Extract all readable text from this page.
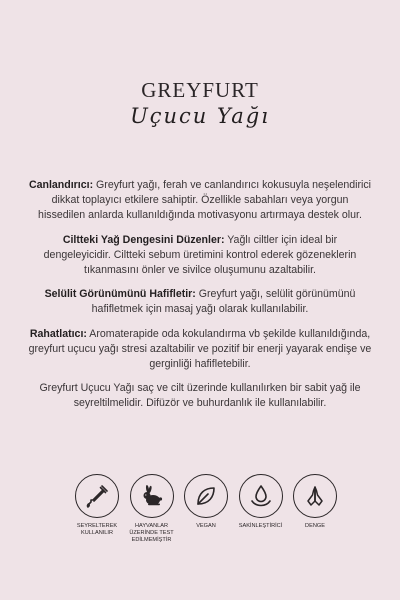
GREYFURT
Uçucu Yağı

Canlandırıcı: Greyfurt yağı, ferah ve canlandırıcı kokusuyla neşelendirici dikkat toplayıcı etkilere sahiptir. Özellikle sabahları veya yorgun hissedilen anlarda kullanıldığında motivasyonu artırmaya destek olur.

Ciltteki Yağ Dengesini Düzenler: Yağlı ciltler için ideal bir dengeleyicidir. Ciltteki sebum üretimini kontrol ederek gözeneklerin tıkanmasını önler ve sivilce oluşumunu azaltabilir.

Selülit Görünümünü Hafifletir: Greyfurt yağı, selülit görünümünü hafifletmek için masaj yağı olarak kullanılabilir.

Rahatlatıcı: Aromaterapide oda kokulandırma vb şekilde kullanıldığında, greyfurt uçucu yağı stresi azaltabilir ve pozitif bir enerji yayarak endişe ve gerginliği hafifletebilir.

Greyfurt Uçucu Yağı saç ve cilt üzerinde kullanılırken bir sabit yağ ile seyreltilmelidir. Difüzör ve buhurdanlık ile kullanılabilir.

SEYRELTEREK KULLANILIR
HAYVANLAR ÜZERİNDE TEST EDİLMEMİŞTİR
VEGAN	SAKİNLEŞTİRİCİ	DENGE
